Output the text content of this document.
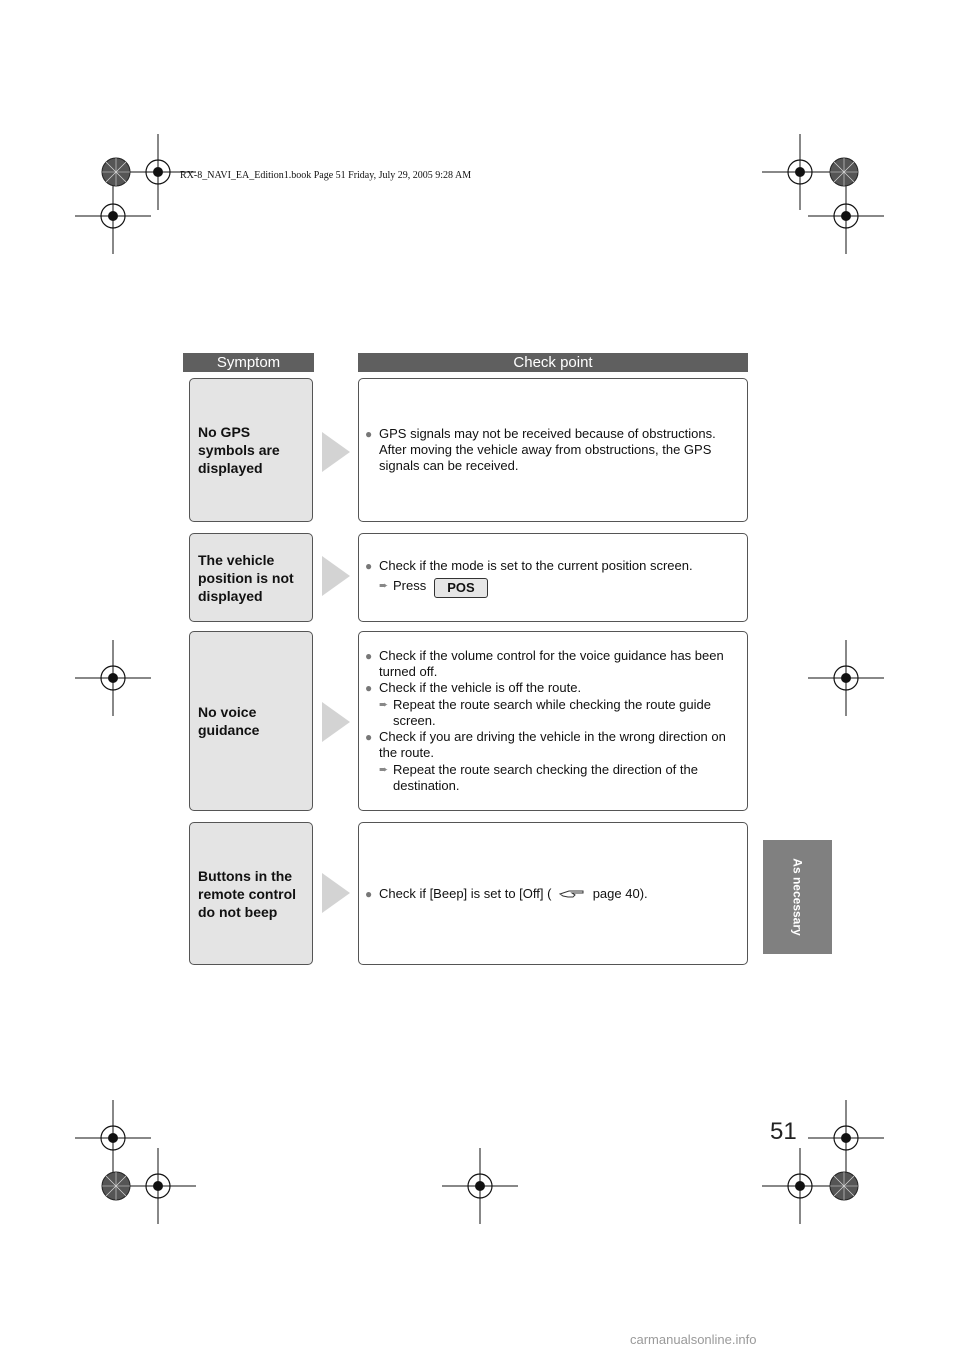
RX-8_NAVI_EA_Edition1.book Page 51 Friday, July 29, 2005 9:28 AM
Symptom	Check point
No GPS
symbols are
displayed
● GPS signals may not be received because of obstructions. After moving the vehicle away from obstructions, the GPS signals can be received.
The vehicle
position is not
displayed
● Check if the mode is set to the current position screen.
➨ Press	POS
No voice
guidance
● Check if the volume control for the voice guidance has been turned off.
● Check if the vehicle is off the route.
➨ Repeat the route search while checking the route guide screen.
● Check if you are driving the vehicle in the wrong direction on the route.
➨ Repeat the route search checking the direction of the destination.
Buttons in the
remote control
do not beep
● Check if [Beep] is set to [Off] (	page 40).	As necessary
51
carmanualsonline.info
